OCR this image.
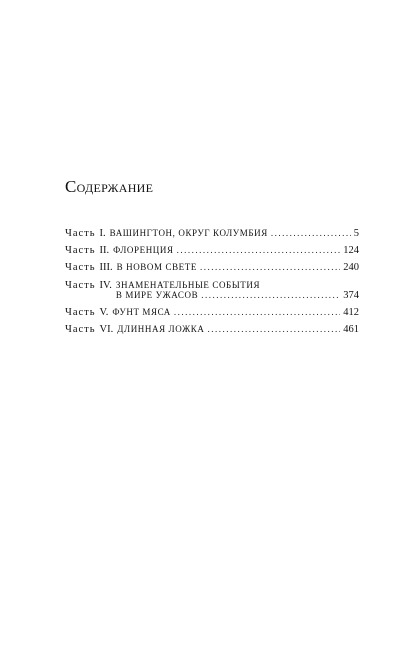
Содержание
Часть I. ВАШИНГТОН, ОКРУГ КОЛУМБИЯ .....	5
Часть II. ФЛОРЕНЦИЯ .....	124
Часть III. В НОВОМ СВЕТЕ .....	240
Часть IV. ЗНАМЕНАТЕЛЬНЫЕ СОБЫТИЯ
В МИРЕ УЖАСОВ .....	374
Часть V. ФУНТ МЯСА .....	412
Часть VI. ДЛИННАЯ ЛОЖКА .....	461
